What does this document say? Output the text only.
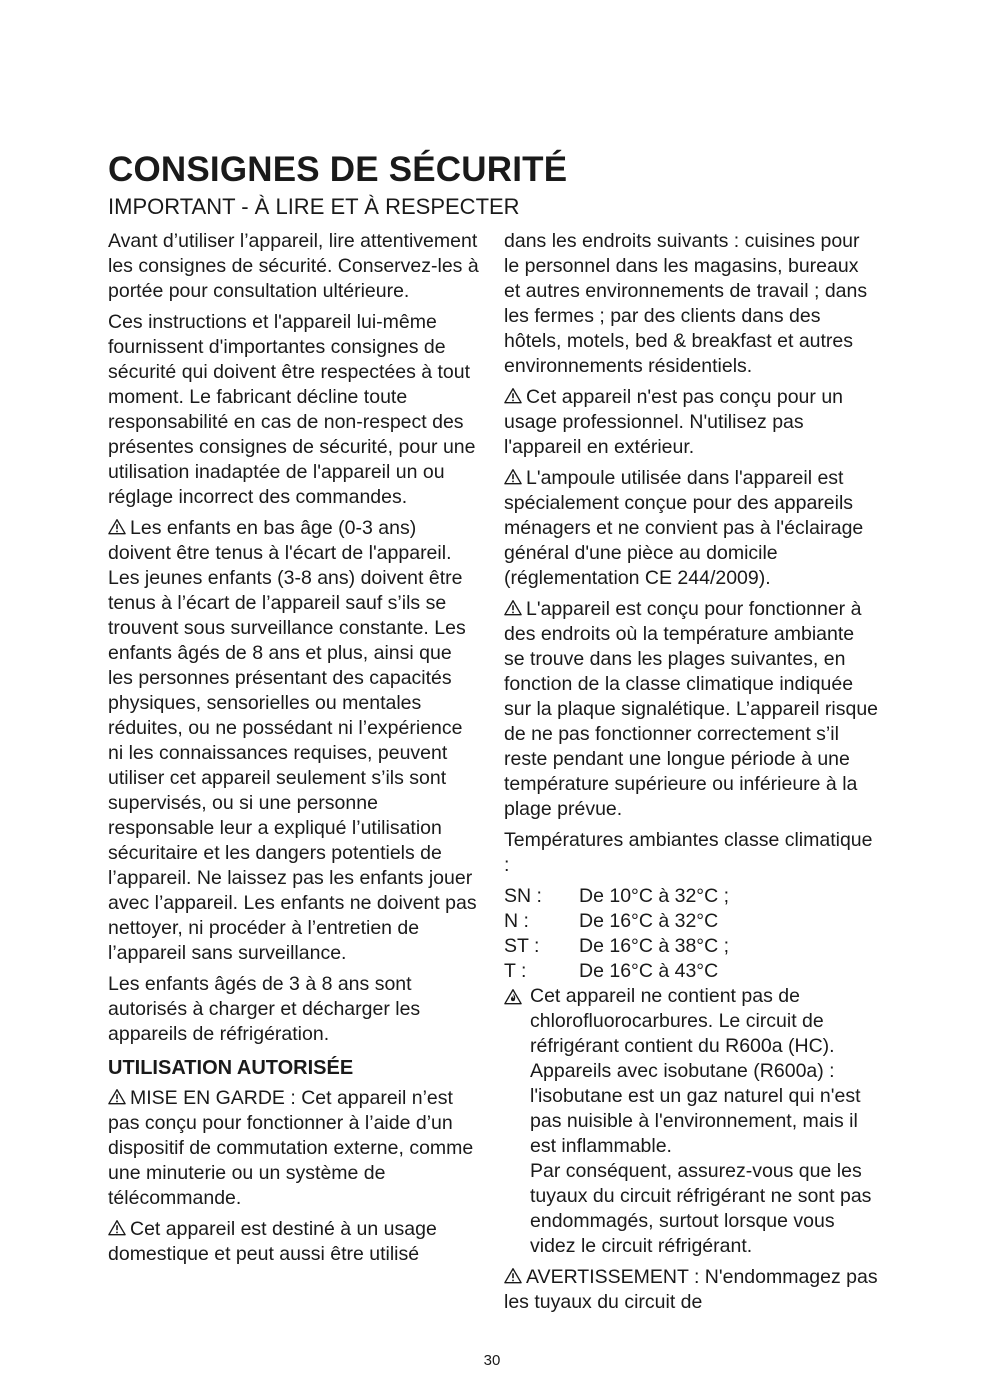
CONSIGNES DE SÉCURITÉ
IMPORTANT - À LIRE ET À RESPECTER

Avant d’utiliser l’appareil, lire attentivement les consignes de sécurité. Conservez-les à portée pour consultation ultérieure.

Ces instructions et l'appareil lui-même fournissent d'importantes consignes de sécurité qui doivent être respectées à tout moment. Le fabricant décline toute responsabilité en cas de non-respect des présentes consignes de sécurité, pour une utilisation inadaptée de l'appareil un ou réglage incorrect des commandes.

Les enfants en bas âge (0-3 ans) doivent être tenus à l'écart de l'appareil. Les jeunes enfants (3-8 ans) doivent être tenus à l’écart de l’appareil sauf s’ils se trouvent sous surveillance constante. Les enfants âgés de 8 ans et plus, ainsi que les personnes présentant des capacités physiques, sensorielles ou mentales réduites, ou ne possédant ni l’expérience ni les connaissances requises, peuvent utiliser cet appareil seulement s’ils sont supervisés, ou si une personne responsable leur a expliqué l’utilisation sécuritaire et les dangers potentiels de l’appareil. Ne laissez pas les enfants jouer avec l’appareil. Les enfants ne doivent pas nettoyer, ni procéder à l’entretien de l’appareil sans surveillance.

Les enfants âgés de 3 à 8 ans sont autorisés à charger et décharger les appareils de réfrigération.

UTILISATION AUTORISÉE

MISE EN GARDE : Cet appareil n’est pas conçu pour fonctionner à l’aide d’un dispositif de commutation externe, comme une minuterie ou un système de télécommande.

Cet appareil est destiné à un usage domestique et peut aussi être utilisé

dans les endroits suivants : cuisines pour le personnel dans les magasins, bureaux et autres environnements de travail ; dans les fermes ; par des clients dans des hôtels, motels, bed & breakfast et autres environnements résidentiels.

Cet appareil n'est pas conçu pour un usage professionnel. N'utilisez pas l'appareil en extérieur.

L'ampoule utilisée dans l'appareil est spécialement conçue pour des appareils ménagers et ne convient pas à l'éclairage général d'une pièce au domicile (réglementation CE 244/2009).

L'appareil est conçu pour fonctionner à des endroits où la température ambiante se trouve dans les plages suivantes, en fonction de la classe climatique indiquée sur la plaque signalétique. L’appareil risque de ne pas fonctionner correctement s’il reste pendant une longue période à une température supérieure ou inférieure à la plage prévue.

Températures ambiantes classe climatique :

SN :	De 10°C à 32°C ;
N :	De 16°C à 32°C
ST :	De 16°C à 38°C ;
T :	De 16°C à 43°C

Cet appareil ne contient pas de chlorofluorocarbures. Le circuit de réfrigérant contient du R600a (HC). Appareils avec isobutane (R600a) : l'isobutane est un gaz naturel qui n'est pas nuisible à l'environnement, mais il est inflammable.

Par conséquent, assurez-vous que les tuyaux du circuit réfrigérant ne sont pas endommagés, surtout lorsque vous videz le circuit réfrigérant.

AVERTISSEMENT : N'endommagez pas les tuyaux du circuit de

30
